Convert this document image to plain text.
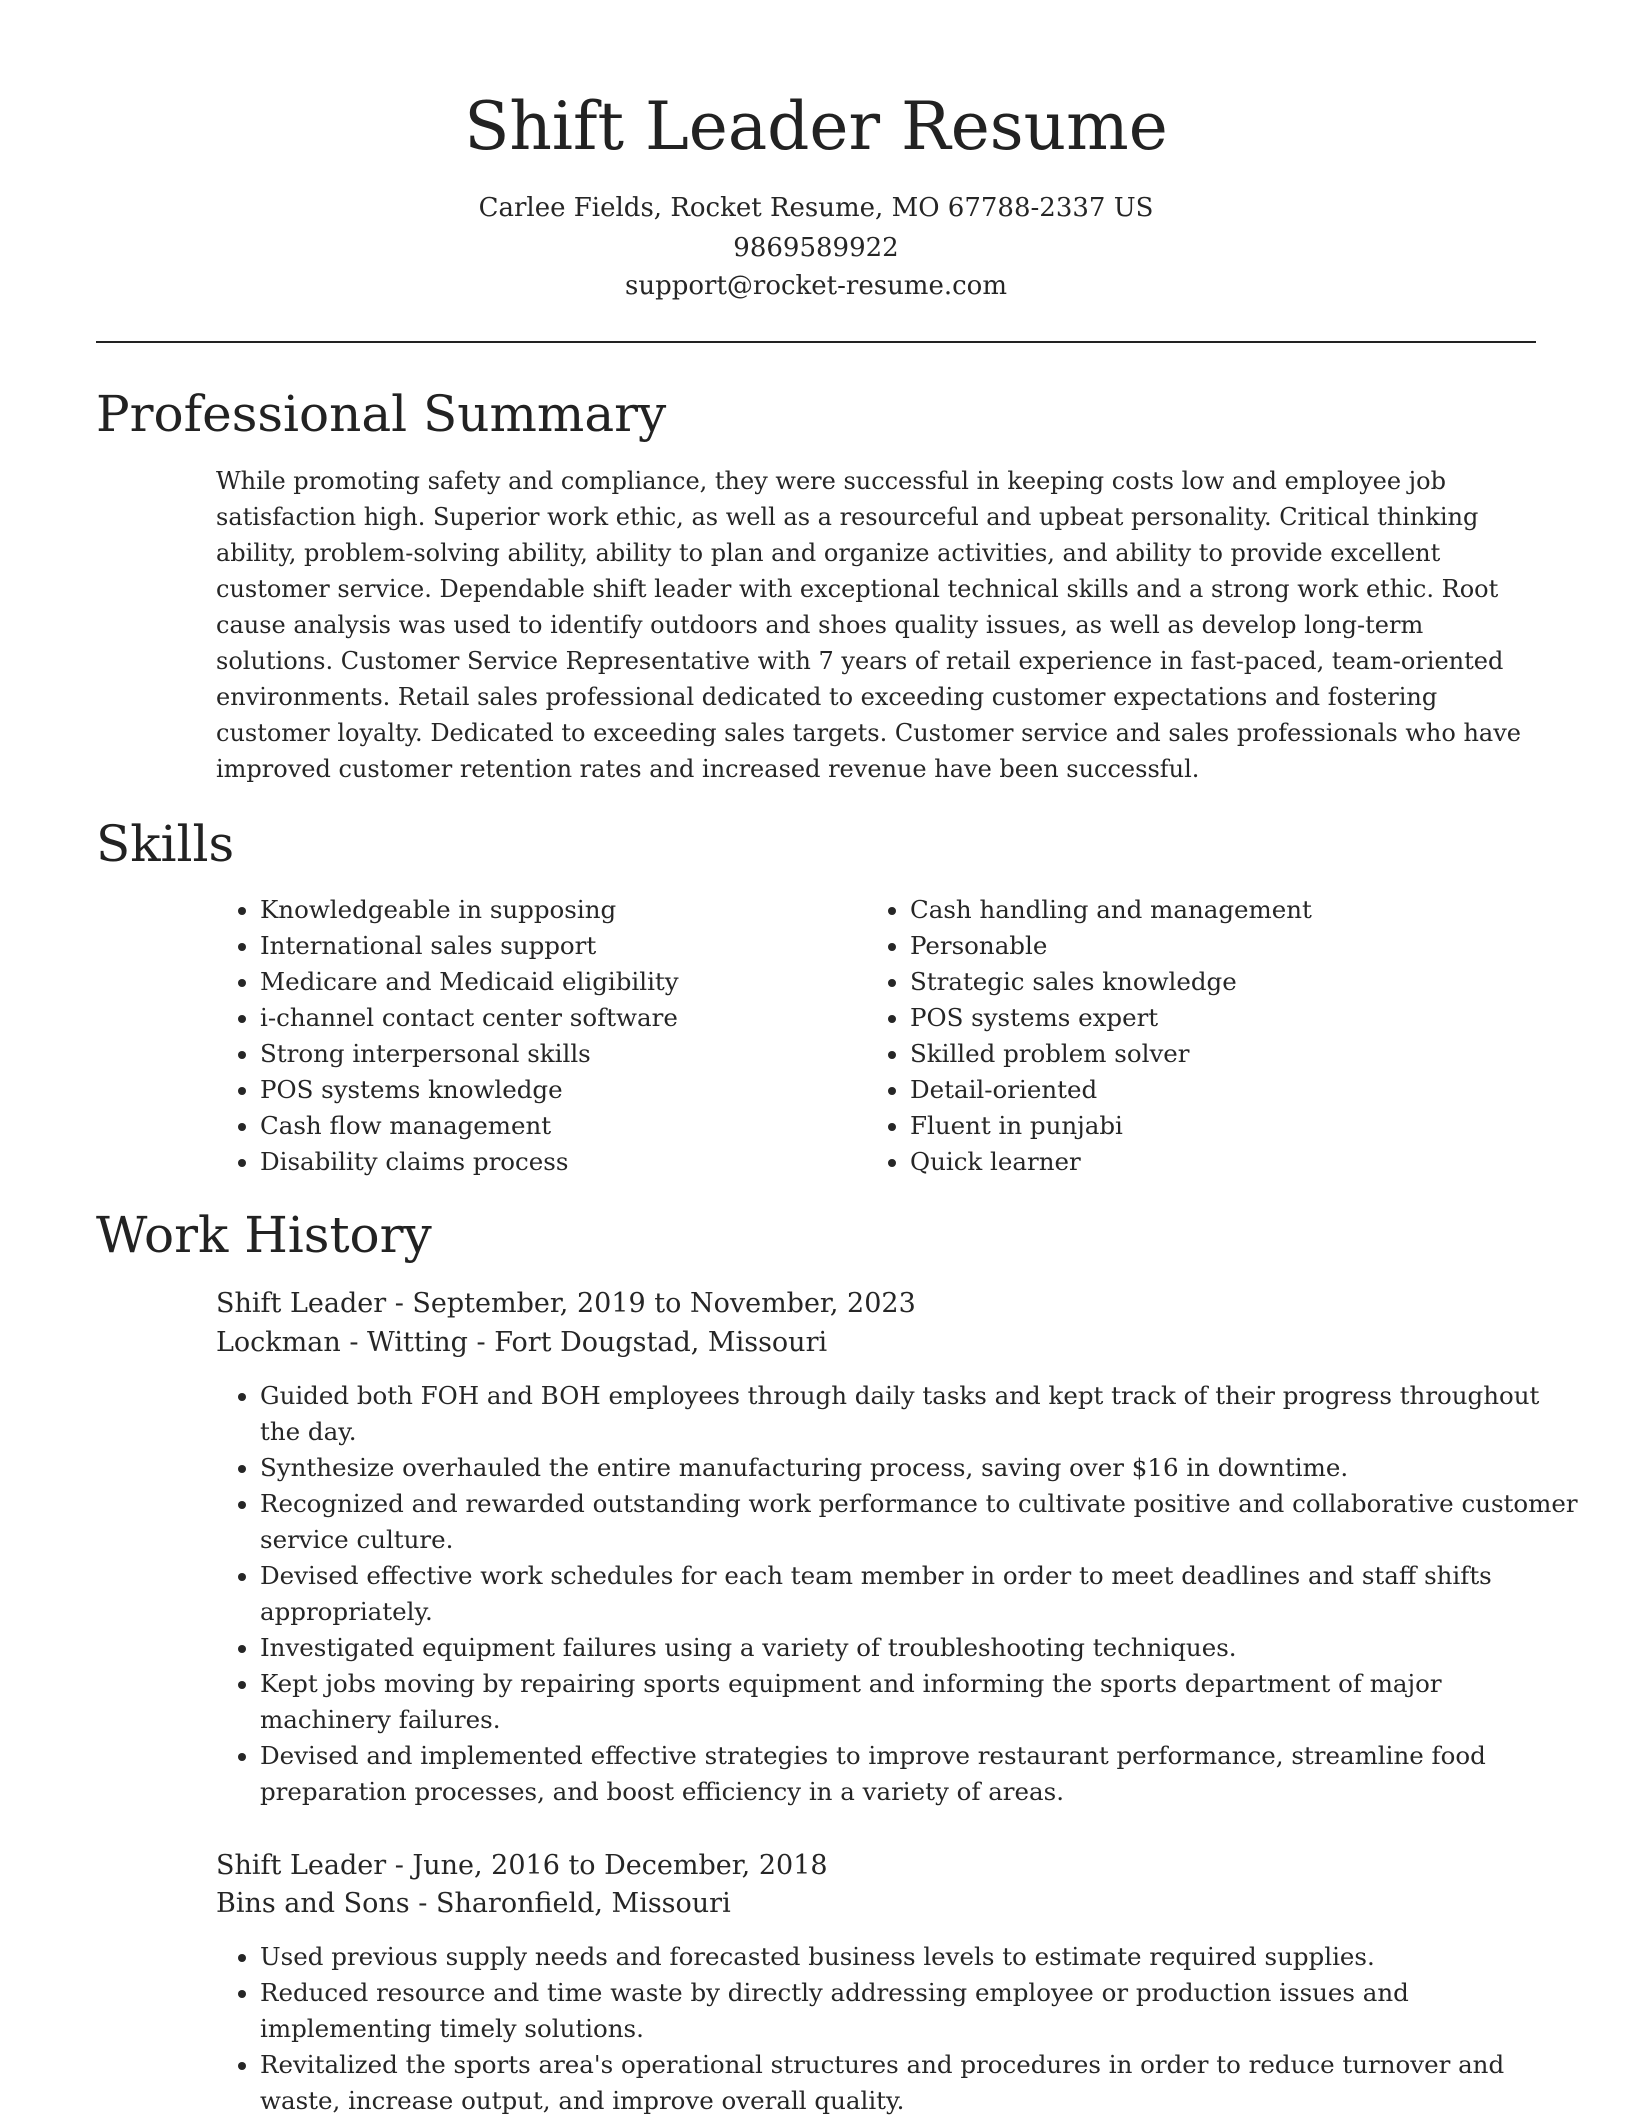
Shift Leader Resume
Carlee Fields, Rocket Resume, MO 67788-2337 US
9869589922
support@rocket-resume.com
Professional Summary

While promoting safety and compliance, they were successful in keeping costs low and employee job satisfaction high. Superior work ethic, as well as a resourceful and upbeat personality. Critical thinking ability, problem-solving ability, ability to plan and organize activities, and ability to provide excellent customer service. Dependable shift leader with exceptional technical skills and a strong work ethic. Root cause analysis was used to identify outdoors and shoes quality issues, as well as develop long-term solutions. Customer Service Representative with 7 years of retail experience in fast-paced, team-oriented environments. Retail sales professional dedicated to exceeding customer expectations and fostering customer loyalty. Dedicated to exceeding sales targets. Customer service and sales professionals who have improved customer retention rates and increased revenue have been successful.

Skills
• Knowledgeable in supposing
• International sales support
• Medicare and Medicaid eligibility
• i-channel contact center software
• Strong interpersonal skills
• POS systems knowledge
• Cash flow management
• Disability claims process
• Cash handling and management
• Personable
• Strategic sales knowledge
• POS systems expert
• Skilled problem solver
• Detail-oriented
• Fluent in punjabi
• Quick learner
Work History
Shift Leader - September, 2019 to November, 2023
Lockman - Witting - Fort Dougstad, Missouri
• Guided both FOH and BOH employees through daily tasks and kept track of their progress throughout the day.
• Synthesize overhauled the entire manufacturing process, saving over $16 in downtime.
• Recognized and rewarded outstanding work performance to cultivate positive and collaborative customer service culture.
• Devised effective work schedules for each team member in order to meet deadlines and staff shifts appropriately.
• Investigated equipment failures using a variety of troubleshooting techniques.
• Kept jobs moving by repairing sports equipment and informing the sports department of major machinery failures.
• Devised and implemented effective strategies to improve restaurant performance, streamline food preparation processes, and boost efficiency in a variety of areas.
Shift Leader - June, 2016 to December, 2018
Bins and Sons - Sharonfield, Missouri
• Used previous supply needs and forecasted business levels to estimate required supplies.
• Reduced resource and time waste by directly addressing employee or production issues and implementing timely solutions.
• Revitalized the sports area's operational structures and procedures in order to reduce turnover and waste, increase output, and improve overall quality.
